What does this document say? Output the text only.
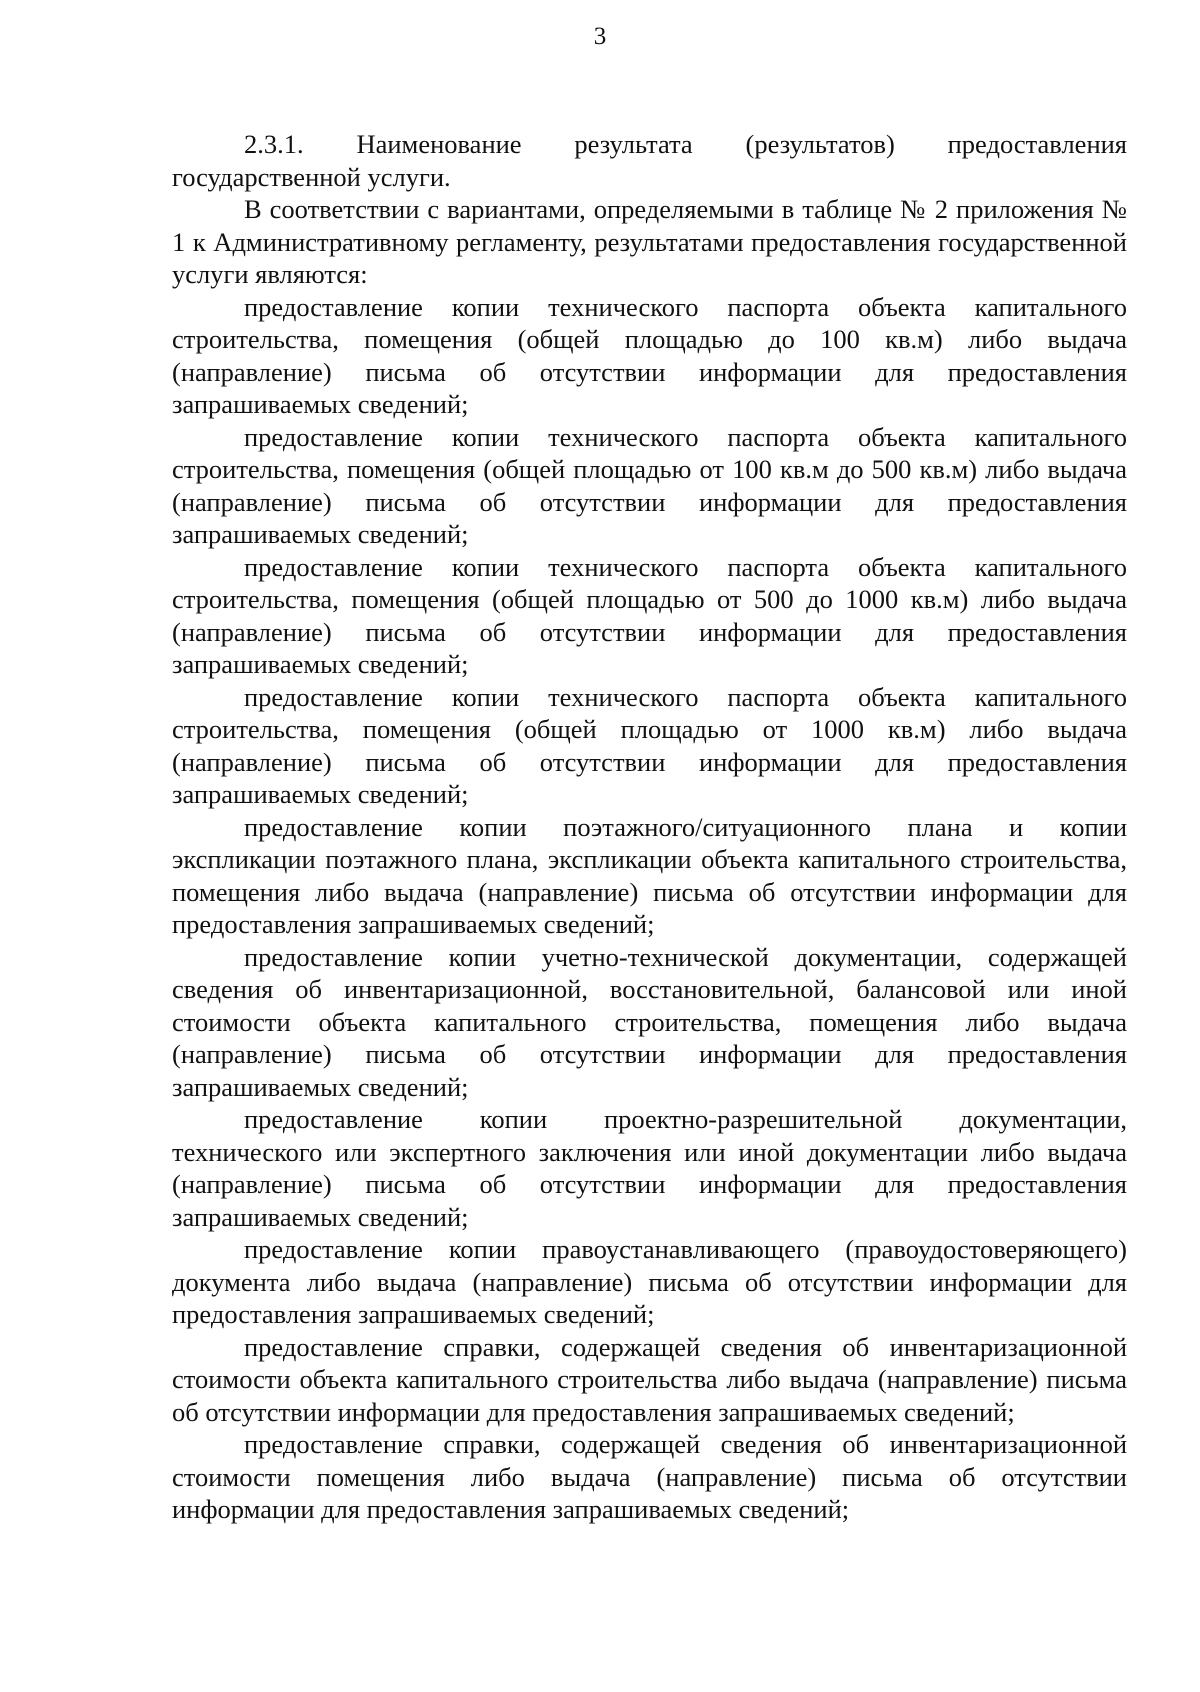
3

2.3.1. Наименование результата (результатов) предоставления государственной услуги.

В соответствии с вариантами, определяемыми в таблице № 2 приложения № 1 к Административному регламенту, результатами предоставления государственной услуги являются:

предоставление копии технического паспорта объекта капитального строительства, помещения (общей площадью до 100 кв.м) либо выдача (направление) письма об отсутствии информации для предоставления запрашиваемых сведений;

предоставление копии технического паспорта объекта капитального строительства, помещения (общей площадью от 100 кв.м до 500 кв.м) либо выдача (направление) письма об отсутствии информации для предоставления запрашиваемых сведений;

предоставление копии технического паспорта объекта капитального строительства, помещения (общей площадью от 500 до 1000 кв.м) либо выдача (направление) письма об отсутствии информации для предоставления запрашиваемых сведений;

предоставление копии технического паспорта объекта капитального строительства, помещения (общей площадью от 1000 кв.м) либо выдача (направление) письма об отсутствии информации для предоставления запрашиваемых сведений;

предоставление копии поэтажного/ситуационного плана и копии экспликации поэтажного плана, экспликации объекта капитального строительства, помещения либо выдача (направление) письма об отсутствии информации для предоставления запрашиваемых сведений;

предоставление копии учетно-технической документации, содержащей сведения об инвентаризационной, восстановительной, балансовой или иной стоимости объекта капитального строительства, помещения либо выдача (направление) письма об отсутствии информации для предоставления запрашиваемых сведений;

предоставление копии проектно-разрешительной документации, технического или экспертного заключения или иной документации либо выдача (направление) письма об отсутствии информации для предоставления запрашиваемых сведений;

предоставление копии правоустанавливающего (правоудостоверяющего) документа либо выдача (направление) письма об отсутствии информации для предоставления запрашиваемых сведений;

предоставление справки, содержащей сведения об инвентаризационной стоимости объекта капитального строительства либо выдача (направление) письма об отсутствии информации для предоставления запрашиваемых сведений;

предоставление справки, содержащей сведения об инвентаризационной стоимости помещения либо выдача (направление) письма об отсутствии информации для предоставления запрашиваемых сведений;
